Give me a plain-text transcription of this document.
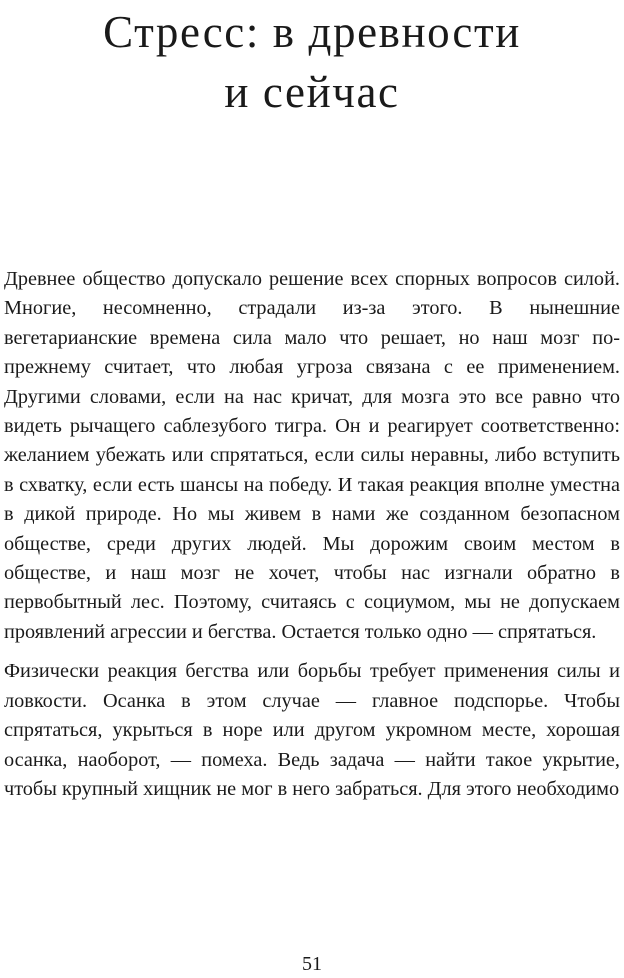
Стресс: в древности
и сейчас

Древнее общество допускало решение всех спорных вопросов силой. Многие, несомненно, страдали из-за этого. В нынешние вегетарианские времена сила мало что решает, но наш мозг по-прежнему считает, что любая угроза связана с ее применением. Другими словами, если на нас кричат, для мозга это все равно что видеть рычащего саблезубого тигра. Он и реагирует соответственно: желанием убежать или спрятаться, если силы неравны, либо вступить в схватку, если есть шансы на победу. И такая реакция вполне уместна в дикой природе. Но мы живем в нами же созданном безопасном обществе, среди других людей. Мы дорожим своим местом в обществе, и наш мозг не хочет, чтобы нас изгнали обратно в первобытный лес. Поэтому, считаясь с социумом, мы не допускаем проявлений агрессии и бегства. Остается только одно — спрятаться.

Физически реакция бегства или борьбы требует применения силы и ловкости. Осанка в этом случае — главное подспорье. Чтобы спрятаться, укрыться в норе или другом укромном месте, хорошая осанка, наоборот, — помеха. Ведь задача — найти такое укрытие, чтобы крупный хищник не мог в него забраться. Для этого необходимо

51
